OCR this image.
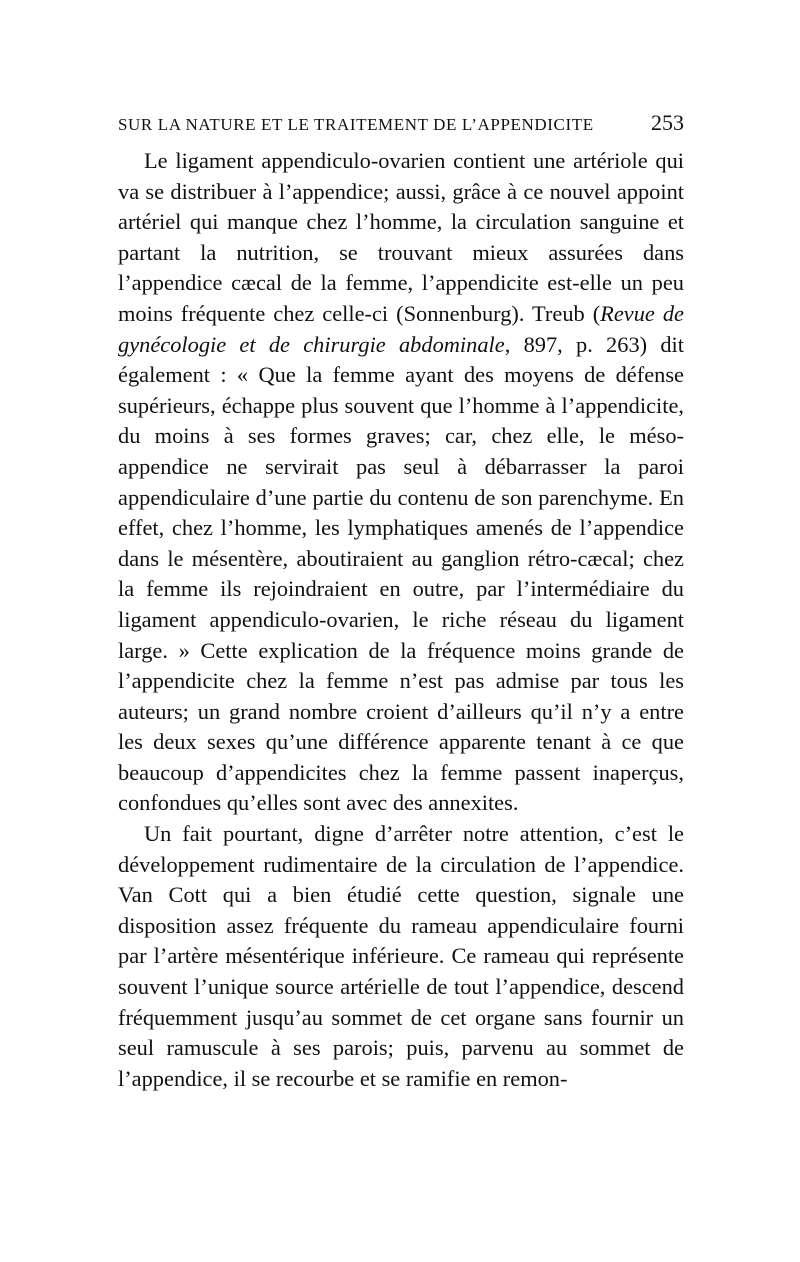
SUR LA NATURE ET LE TRAITEMENT DE L’APPENDICITE	253

Le ligament appendiculo-ovarien contient une artériole qui va se distribuer à l’appendice; aussi, grâce à ce nouvel appoint artériel qui manque chez l’homme, la circulation sanguine et partant la nutrition, se trouvant mieux assurées dans l’appendice cæcal de la femme, l’appendicite est-elle un peu moins fréquente chez celle-ci (Sonnenburg). Treub (Revue de gynécologie et de chirurgie abdominale, 897, p. 263) dit également : « Que la femme ayant des moyens de défense supérieurs, échappe plus souvent que l’homme à l’appendicite, du moins à ses formes graves; car, chez elle, le méso-appendice ne servirait pas seul à débarrasser la paroi appendiculaire d’une partie du contenu de son parenchyme. En effet, chez l’homme, les lymphatiques amenés de l’appendice dans le mésentère, aboutiraient au ganglion rétro-cæcal; chez la femme ils rejoindraient en outre, par l’intermédiaire du ligament appendiculo-ovarien, le riche réseau du ligament large. » Cette explication de la fréquence moins grande de l’appendicite chez la femme n’est pas admise par tous les auteurs; un grand nombre croient d’ailleurs qu’il n’y a entre les deux sexes qu’une différence apparente tenant à ce que beaucoup d’appendicites chez la femme passent inaperçus, confondues qu’elles sont avec des annexites.

Un fait pourtant, digne d’arrêter notre attention, c’est le développement rudimentaire de la circulation de l’appendice. Van Cott qui a bien étudié cette question, signale une disposition assez fréquente du rameau appendiculaire fourni par l’artère mésentérique inférieure. Ce rameau qui représente souvent l’unique source artérielle de tout l’appendice, descend fréquemment jusqu’au sommet de cet organe sans fournir un seul ramuscule à ses parois; puis, parvenu au sommet de l’appendice, il se recourbe et se ramifie en remon-
